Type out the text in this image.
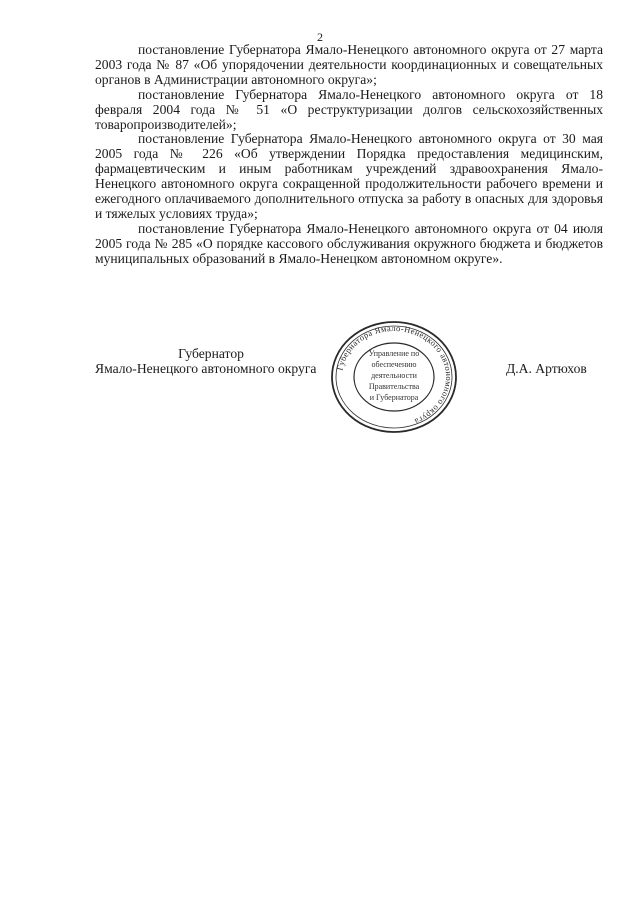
2

постановление Губернатора Ямало-Ненецкого автономного округа от 27 марта 2003 года № 87 «Об упорядочении деятельности координационных и совещательных органов в Администрации автономного округа»;

постановление Губернатора Ямало-Ненецкого автономного округа от 18 февраля 2004 года № 51 «О реструктуризации долгов сельскохозяйственных товаропроизводителей»;

постановление Губернатора Ямало-Ненецкого автономного округа от 30 мая 2005 года № 226 «Об утверждении Порядка предоставления медицинским, фармацевтическим и иным работникам учреждений здравоохранения Ямало-Ненецкого автономного округа сокращенной продолжительности рабочего времени и ежегодного оплачиваемого дополнительного отпуска за работу в опасных для здоровья и тяжелых условиях труда»;

постановление Губернатора Ямало-Ненецкого автономного округа от 04 июля 2005 года № 285 «О порядке кассового обслуживания окружного бюджета и бюджетов муниципальных образований в Ямало-Ненецком автономном округе».

Губернатор
Ямало-Ненецкого автономного округа	Губернатора Ямало-Ненецкого автономного округа
Управление по
обеспечению
деятельности
Правительства
и Губернатора
Д.А. Артюхов
